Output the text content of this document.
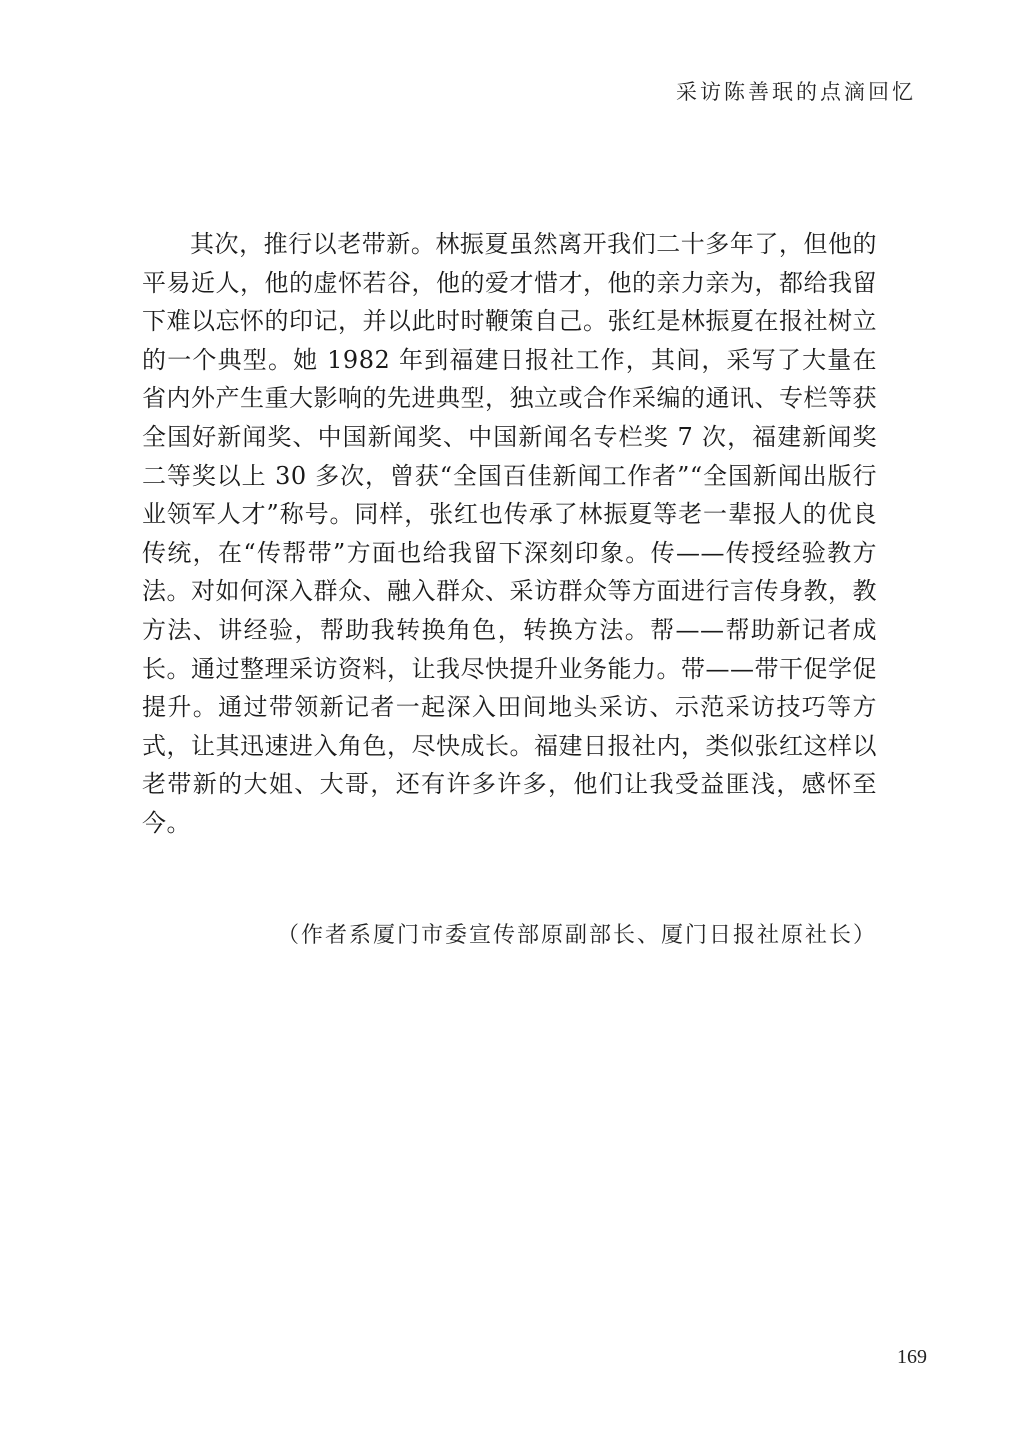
采访陈善珉的点滴回忆

其次，推行以老带新。林振夏虽然离开我们二十多年了，但他的平易近人，他的虚怀若谷，他的爱才惜才，他的亲力亲为，都给我留下难以忘怀的印记，并以此时时鞭策自己。张红是林振夏在报社树立的一个典型。她 1982 年到福建日报社工作，其间，采写了大量在省内外产生重大影响的先进典型，独立或合作采编的通讯、专栏等获全国好新闻奖、中国新闻奖、中国新闻名专栏奖 7 次，福建新闻奖二等奖以上 30 多次，曾获“全国百佳新闻工作者”“全国新闻出版行业领军人才”称号。同样，张红也传承了林振夏等老一辈报人的优良传统，在“传帮带”方面也给我留下深刻印象。传——传授经验教方法。对如何深入群众、融入群众、采访群众等方面进行言传身教，教方法、讲经验，帮助我转换角色，转换方法。帮——帮助新记者成长。通过整理采访资料，让我尽快提升业务能力。带——带干促学促提升。通过带领新记者一起深入田间地头采访、示范采访技巧等方式，让其迅速进入角色，尽快成长。福建日报社内，类似张红这样以老带新的大姐、大哥，还有许多许多，他们让我受益匪浅，感怀至今。

（作者系厦门市委宣传部原副部长、厦门日报社原社长）
169
